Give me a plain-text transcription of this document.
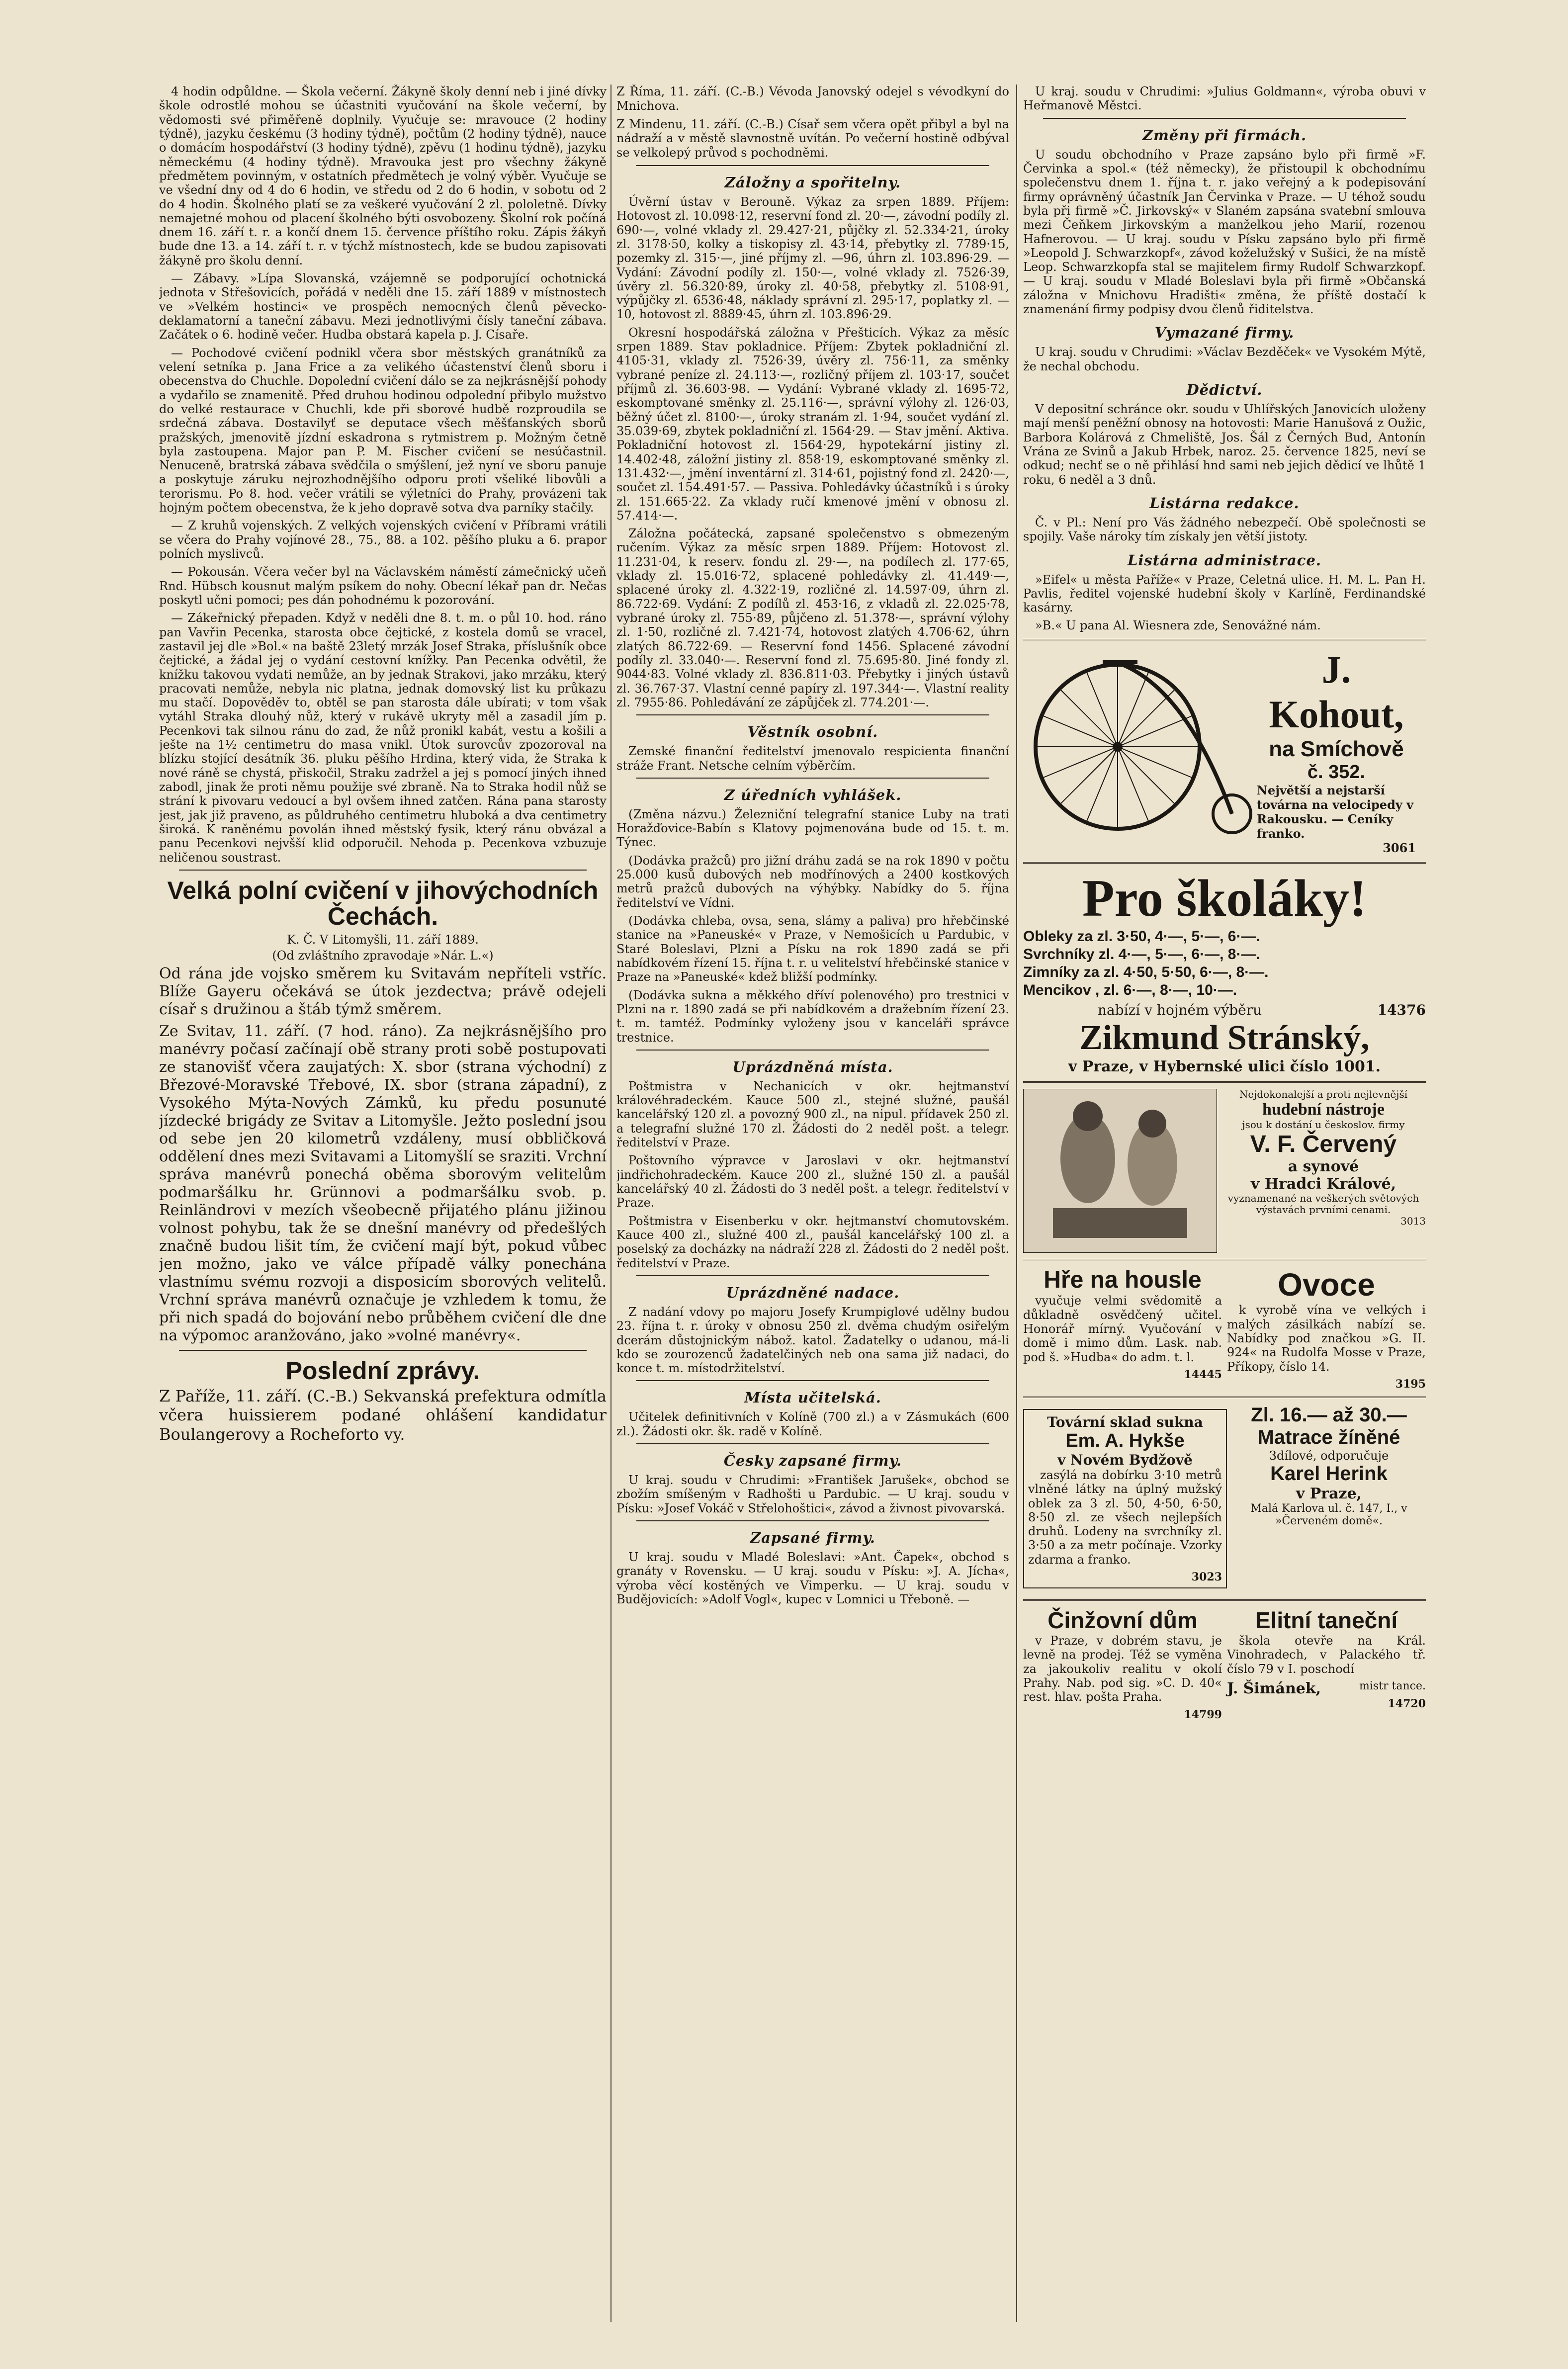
4 hodin odpůldne. — Škola večerní. Žákyně školy denní neb i jiné dívky škole odrostlé mohou se účastniti vyučování na škole večerní, by vědomosti své přiměřeně doplnily. Vyučuje se: mravouce (2 hodiny týdně), jazyku českému (3 hodiny týdně), počtům (2 hodiny týdně), nauce o domácím hospodářství (3 hodiny týdně), zpěvu (1 hodinu týdně), jazyku německému (4 hodiny týdně). Mravouka jest pro všechny žákyně předmětem povinným, v ostatních předmětech je volný výběr. Vyučuje se ve všední dny od 4 do 6 hodin, ve středu od 2 do 6 hodin, v sobotu od 2 do 4 hodin. Školného platí se za veškeré vyučování 2 zl. pololetně. Dívky nemajetné mohou od placení školného býti osvobozeny. Školní rok počíná dnem 16. září t. r. a končí dnem 15. července příštího roku. Zápis žákyň bude dne 13. a 14. září t. r. v týchž místnostech, kde se budou zapisovati žákyně pro školu denní.

— Zábavy. »Lípa Slovanská, vzájemně se podporující ochotnická jednota v Střešovicích, pořádá v neděli dne 15. září 1889 v místnostech ve »Velkém hostinci« ve prospěch nemocných členů pěvecko-deklamatorní a taneční zábavu. Mezi jednotlivými čísly taneční zábava. Začátek o 6. hodině večer. Hudba obstará kapela p. J. Císaře.

— Pochodové cvičení podnikl včera sbor městských granátníků za velení setníka p. Jana Frice a za velikého účastenství členů sboru i obecenstva do Chuchle. Dopolední cvičení dálo se za nejkrásnější pohody a vydařilo se znamenitě. Před druhou hodinou odpolední přibylo mužstvo do velké restaurace v Chuchli, kde při sborové hudbě rozproudila se srdečná zábava. Dostavilyť se deputace všech měšťanských sborů pražských, jmenovitě jízdní eskadrona s rytmistrem p. Možným četně byla zastoupena. Major pan P. M. Fischer cvičení se nesúčastnil. Nenuceně, bratrská zábava svědčila o smýšlení, jež nyní ve sboru panuje a poskytuje záruku nejrozhodnějšího odporu proti všeliké libovůli a terorismu. Po 8. hod. večer vrátili se výletníci do Prahy, provázeni tak hojným počtem obecenstva, že k jeho dopravě sotva dva parníky stačily.

— Z kruhů vojenských. Z velkých vojenských cvičení v Příbrami vrátili se včera do Prahy vojínové 28., 75., 88. a 102. pěšího pluku a 6. prapor polních myslivců.

— Pokousán. Včera večer byl na Václavském náměstí zámečnický učeň Rnd. Hübsch kousnut malým psíkem do nohy. Obecní lékař pan dr. Nečas poskytl učni pomoci; pes dán pohodnému k pozorování.

— Zákeřnický přepaden. Když v neděli dne 8. t. m. o půl 10. hod. ráno pan Vavřin Pecenka, starosta obce čejtické, z kostela domů se vracel, zastavil jej dle »Bol.« na baště 23letý mrzák Josef Straka, příslušník obce čejtické, a žádal jej o vydání cestovní knížky. Pan Pecenka odvětil, že knížku takovou vydati nemůže, an by jednak Strakovi, jako mrzáku, který pracovati nemůže, nebyla nic platna, jednak domovský list ku průkazu mu stačí. Dopověděv to, obtěl se pan starosta dále ubírati; v tom však vytáhl Straka dlouhý nůž, který v rukávě ukryty měl a zasadil jím p. Pecenkovi tak silnou ránu do zad, že nůž pronikl kabát, vestu a košili a ješte na 1½ centimetru do masa vnikl. Útok surovcův zpozoroval na blízku stojící desátník 36. pluku pěšího Hrdina, který vida, že Straka k nové ráně se chystá, přiskočil, Straku zadržel a jej s pomocí jiných ihned zabodl, jinak že proti němu použije své zbraně. Na to Straka hodil nůž se strání k pivovaru vedoucí a byl ovšem ihned zatčen. Rána pana starosty jest, jak již praveno, as půldruhého centimetru hluboká a dva centimetry široká. K raněnému povolán ihned městský fysik, který ránu obvázal a panu Pecenkovi nejvšší klid odporučil. Nehoda p. Pecenkova vzbuzuje neličenou soustrast.

Velká polní cvičení v jihovýchodních Čechách.

K. Č. V Litomyšli, 11. září 1889.

(Od zvláštního zpravodaje »Nár. L.«)

Od rána jde vojsko směrem ku Svitavám nepříteli vstříc. Blíže Gayeru očekává se útok jezdectva; právě odejeli císař s družinou a štáb týmž směrem.

Ze Svitav, 11. září. (7 hod. ráno). Za nejkrásnějšího pro manévry počasí začínají obě strany proti sobě postupovati ze stanovišť včera zaujatých: X. sbor (strana východní) z Březové-Moravské Třebové, IX. sbor (strana západní), z Vysokého Mýta-Nových Zámků, ku předu posunuté jízdecké brigády ze Svitav a Litomyšle. Ježto poslední jsou od sebe jen 20 kilometrů vzdáleny, musí obbličková oddělení dnes mezi Svitavami a Litomyšlí se sraziti. Vrchní správa manévrů ponechá oběma sborovým velitelům podmaršálku hr. Grünnovi a podmaršálku svob. p. Reinländrovi v mezích všeobecně přijatého plánu jižinou volnost pohybu, tak že se dnešní manévry od předešlých značně budou lišit tím, že cvičení mají být, pokud vůbec jen možno, jako ve válce případě války ponechána vlastnímu svému rozvoji a disposicím sborových velitelů. Vrchní správa manévrů označuje je vzhledem k tomu, že při nich spadá do bojování nebo průběhem cvičení dle dne na výpomoc aranžováno, jako »volné manévry«.

Poslední zprávy.

Z Paříže, 11. září. (C.-B.) Sekvanská prefektura odmítla včera huissierem podané ohlášení kandidatur Boulangerovy a Rocheforto vy.

Z Říma, 11. září. (C.-B.) Vévoda Janovský odejel s vévodkyní do Mnichova.

Z Mindenu, 11. září. (C.-B.) Císař sem včera opět přibyl a byl na nádraží a v městě slavnostně uvítán. Po večerní hostině odbýval se velkolepý průvod s pochodněmi.

Záložny a spořitelny.

Úvěrní ústav v Berouně. Výkaz za srpen 1889. Příjem: Hotovost zl. 10.098·12, reservní fond zl. 20·—, závodní podíly zl. 690·—, volné vklady zl. 29.427·21, půjčky zl. 52.334·21, úroky zl. 3178·50, kolky a tiskopisy zl. 43·14, přebytky zl. 7789·15, pozemky zl. 315·—, jiné příjmy zl. —96, úhrn zl. 103.896·29. — Vydání: Závodní podíly zl. 150·—, volné vklady zl. 7526·39, úvěry zl. 56.320·89, úroky zl. 40·58, přebytky zl. 5108·91, výpůjčky zl. 6536·48, náklady správní zl. 295·17, poplatky zl. —10, hotovost zl. 8889·45, úhrn zl. 103.896·29.

Okresní hospodářská záložna v Přešticích. Výkaz za měsíc srpen 1889. Stav pokladnice. Příjem: Zbytek pokladniční zl. 4105·31, vklady zl. 7526·39, úvěry zl. 756·11, za směnky vybrané peníze zl. 24.113·—, rozličný příjem zl. 103·17, součet příjmů zl. 36.603·98. — Vydání: Vybrané vklady zl. 1695·72, eskomptované směnky zl. 25.116·—, správní výlohy zl. 126·03, běžný účet zl. 8100·—, úroky stranám zl. 1·94, součet vydání zl. 35.039·69, zbytek pokladniční zl. 1564·29. — Stav jmění. Aktiva. Pokladniční hotovost zl. 1564·29, hypotekární jistiny zl. 14.402·48, záložní jistiny zl. 858·19, eskomptované směnky zl. 131.432·—, jmění inventární zl. 314·61, pojistný fond zl. 2420·—, součet zl. 154.491·57. — Passiva. Pohledávky účastníků i s úroky zl. 151.665·22. Za vklady ručí kmenové jmění v obnosu zl. 57.414·—.

Záložna počátecká, zapsané společenstvo s obmezeným ručením. Výkaz za měsíc srpen 1889. Příjem: Hotovost zl. 11.231·04, k reserv. fondu zl. 29·—, na podílech zl. 177·65, vklady zl. 15.016·72, splacené pohledávky zl. 41.449·—, splacené úroky zl. 4.322·19, rozličné zl. 14.597·09, úhrn zl. 86.722·69. Vydání: Z podílů zl. 453·16, z vkladů zl. 22.025·78, vybrané úroky zl. 755·89, půjčeno zl. 51.378·—, správní výlohy zl. 1·50, rozličné zl. 7.421·74, hotovost zlatých 4.706·62, úhrn zlatých 86.722·69. — Reservní fond 1456. Splacené závodní podíly zl. 33.040·—. Reservní fond zl. 75.695·80. Jiné fondy zl. 9044·83. Volné vklady zl. 836.811·03. Přebytky i jiných ústavů zl. 36.767·37. Vlastní cenné papíry zl. 197.344·—. Vlastní reality zl. 7955·86. Pohledávání ze zápůjček zl. 774.201·—.

Věstník osobní.

Zemské finanční ředitelství jmenovalo respicienta finanční stráže Frant. Netsche celním výběrčím.

Z úředních vyhlášek.

(Změna názvu.) Železniční telegrafní stanice Luby na trati Horažďovice-Babín s Klatovy pojmenována bude od 15. t. m. Týnec.

(Dodávka pražců) pro jižní dráhu zadá se na rok 1890 v počtu 25.000 kusů dubových neb modřínových a 2400 kostkových metrů pražců dubových na výhýbky. Nabídky do 5. října ředitelství ve Vídni.

(Dodávka chleba, ovsa, sena, slámy a paliva) pro hřebčinské stanice na »Paneuské« v Praze, v Nemošicích u Pardubic, v Staré Boleslavi, Plzni a Písku na rok 1890 zadá se při nabídkovém řízení 15. října t. r. u velitelství hřebčinské stanice v Praze na »Paneuské« kdež bližší podmínky.

(Dodávka sukna a měkkého dříví polenového) pro trestnici v Plzni na r. 1890 zadá se při nabídkovém a dražebním řízení 23. t. m. tamtéž. Podmínky vyloženy jsou v kanceláři správce trestnice.

Uprázdněná místa.

Poštmistra v Nechanicích v okr. hejtmanství královéhradeckém. Kauce 500 zl., stejné služné, paušál kancelářský 120 zl. a povozný 900 zl., na nipul. přídavek 250 zl. a telegrafní služné 170 zl. Žádosti do 2 neděl pošt. a telegr. ředitelství v Praze.

Poštovního výpravce v Jaroslavi v okr. hejtmanství jindřichohradeckém. Kauce 200 zl., služné 150 zl. a paušál kancelářský 40 zl. Žádosti do 3 neděl pošt. a telegr. ředitelství v Praze.

Poštmistra v Eisenberku v okr. hejtmanství chomutovském. Kauce 400 zl., služné 400 zl., paušál kancelářský 100 zl. a poselský za docházky na nádraží 228 zl. Žádosti do 2 neděl pošt. ředitelství v Praze.

Uprázdněné nadace.

Z nadání vdovy po majoru Josefy Krumpiglové udělny budou 23. října t. r. úroky v obnosu 250 zl. dvěma chudým osiřelým dcerám důstojnickým nábož. katol. Žadatelky o udanou, má-li kdo se zourozenců žadatelčiných neb ona sama již nadaci, do konce t. m. místodržitelství.

Místa učitelská.

Učitelek definitivních v Kolíně (700 zl.) a v Zásmukách (600 zl.). Žádosti okr. šk. radě v Kolíně.

Česky zapsané firmy.

U kraj. soudu v Chrudimi: »František Jarušek«, obchod se zbožím smíšeným v Radhošti u Pardubic. — U kraj. soudu v Písku: »Josef Vokáč v Střelohoštici«, závod a živnost pivovarská.

Zapsané firmy.

U kraj. soudu v Mladé Boleslavi: »Ant. Čapek«, obchod s granáty v Rovensku. — U kraj. soudu v Písku: »J. A. Jícha«, výroba věcí kostěných ve Vimperku. — U kraj. soudu v Budějovicích: »Adolf Vogl«, kupec v Lomnici u Třeboně. —

U kraj. soudu v Chrudimi: »Julius Goldmann«, výroba obuvi v Heřmanově Městci.

Změny při firmách.

U soudu obchodního v Praze zapsáno bylo při firmě »F. Červinka a spol.« (též německy), že přistoupil k obchodnímu společenstvu dnem 1. října t. r. jako veřejný a k podepisování firmy oprávněný účastník Jan Červinka v Praze. — U téhož soudu byla při firmě »Č. Jirkovský« v Slaném zapsána svatební smlouva mezi Čeňkem Jirkovským a manželkou jeho Marií, rozenou Hafnerovou. — U kraj. soudu v Písku zapsáno bylo při firmě »Leopold J. Schwarzkopf«, závod koželužský v Sušici, že na místě Leop. Schwarzkopfa stal se majitelem firmy Rudolf Schwarzkopf. — U kraj. soudu v Mladé Boleslavi byla při firmě »Občanská záložna v Mnichovu Hradišti« změna, že příště dostačí k znamenání firmy podpisy dvou členů řiditelstva.

Vymazané firmy.

U kraj. soudu v Chrudimi: »Václav Bezděček« ve Vysokém Mýtě, že nechal obchodu.

Dědictví.

V depositní schránce okr. soudu v Uhlířských Janovicích uloženy mají menší peněžní obnosy na hotovosti: Marie Hanušová z Oužic, Barbora Kolárová z Chmeliště, Jos. Šál z Černých Bud, Antonín Vrána ze Svinů a Jakub Hrbek, naroz. 25. července 1825, neví se odkud; nechť se o ně přihlásí hnd sami neb jejich dědicí ve lhůtě 1 roku, 6 neděl a 3 dnů.

Listárna redakce.

Č. v Pl.: Není pro Vás žádného nebezpečí. Obě společnosti se spojily. Vaše nároky tím získaly jen větší jistoty.

Listárna administrace.

»Eifel« u města Paříže« v Praze, Celetná ulice. H. M. L. Pan H. Pavlis, ředitel vojenské hudební školy v Karlíně, Ferdinandské kasárny.

»B.« U pana Al. Wiesnera zde, Senovážné nám.

J. Kohout,
na Smíchově
č. 352.
Největší a nejstarší továrna na velocipedy v Rakousku. — Ceníky franko.
3061
Pro školáky!
Obleky za zl. 3·50, 4·—, 5·—, 6·—.
Svrchníky zl. 4·—, 5·—, 6·—, 8·—.
Zimníky za zl. 4·50, 5·50, 6·—, 8·—.
Mencikov , zl. 6·—, 8·—, 10·—.
nabízí v hojném výběru	14376
Zikmund Stránský,
v Praze, v Hybernské ulici číslo 1001.
Nejdokonalejší a proti nejlevnější
hudební nástroje
jsou k dostání u českoslov. firmy
V. F. Červený
a synové
v Hradci Králové,
vyznamenané na veškerých světových výstavách prvními cenami.
3013
Hře na housle

vyučuje velmi svědomitě a důkladně osvědčený učitel. Honorář mírný. Vyučování v domě i mimo dům. Lask. nab. pod š. »Hudba« do adm. t. l.

14445
Ovoce

k vyrobě vína ve velkých i malých zásilkách nabízí se. Nabídky pod značkou »G. II. 924« na Rudolfa Mosse v Praze, Příkopy, číslo 14.

3195
Tovární sklad sukna
Em. A. Hykše
v Novém Bydžově

zasýlá na dobírku 3·10 metrů vlněné látky na úplný mužský oblek za 3 zl. 50, 4·50, 6·50, 8·50 zl. ze všech nejlepších druhů. Lodeny na svrchníky zl. 3·50 a za metr počínaje. Vzorky zdarma a franko.

3023
Zl. 16.— až 30.—
Matrace žíněné
3dílové, odporučuje
Karel Herink
v Praze,
Malá Karlova ul. č. 147, I., v »Červeném domě«.
Činžovní dům

v Praze, v dobrém stavu, je levně na prodej. Též se vyměna za jakoukoliv realitu v okolí Prahy. Nab. pod sig. »C. D. 40« rest. hlav. pošta Praha.

14799
Elitní taneční

škola otevře na Král. Vinohradech, v Palackého tř. číslo 79 v I. poschodí

J. Šimánek,	mistr tance.
14720
